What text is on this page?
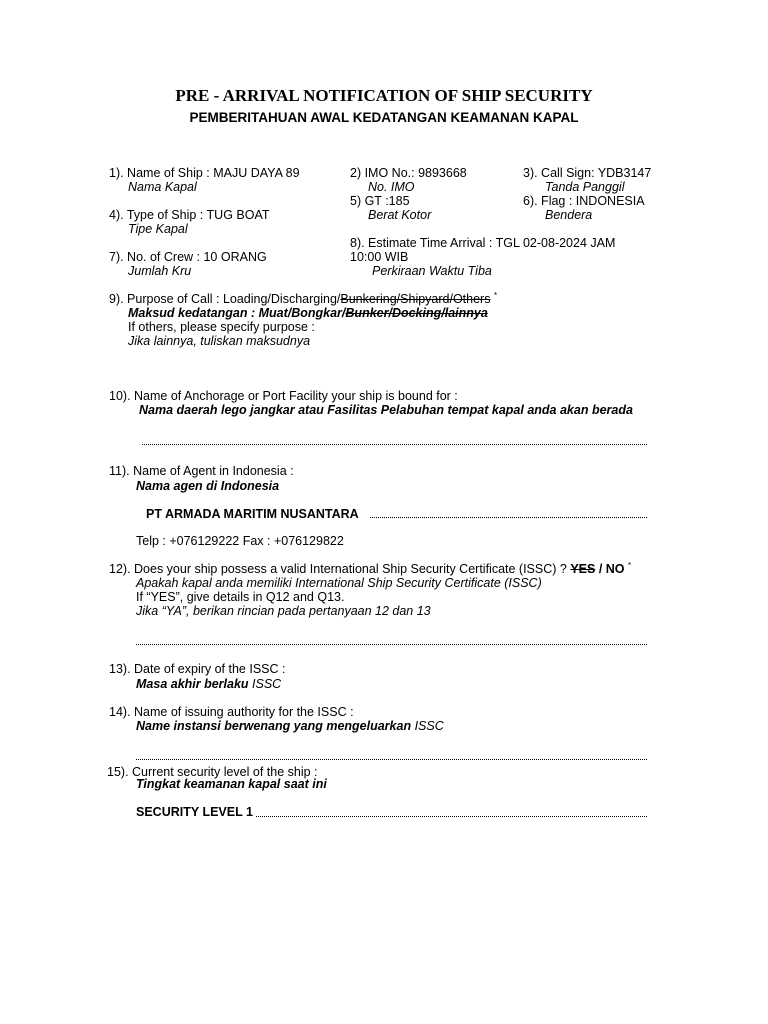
PRE - ARRIVAL NOTIFICATION OF SHIP SECURITY
PEMBERITAHUAN AWAL KEDATANGAN KEAMANAN KAPAL
1). Name of Ship : MAJU DAYA 89
Nama Kapal
2) IMO No.: 9893668
No. IMO
3). Call Sign: YDB3147
Tanda Panggil
5) GT :185
Berat Kotor
6). Flag : INDONESIA
Bendera
4). Type of Ship : TUG BOAT
Tipe Kapal
8). Estimate Time Arrival : TGL 02-08-2024 JAM
10:00 WIB
Perkiraan Waktu Tiba
7). No. of Crew : 10 ORANG
Jumlah Kru
9). Purpose of Call : Loading/Discharging/Bunkering/Shipyard/Others *
Maksud kedatangan : Muat/Bongkar/Bunker/Docking/lainnya
If others, please specify purpose :
Jika lainnya, tuliskan maksudnya
10). Name of Anchorage or Port Facility your ship is bound for :
Nama daerah lego jangkar atau Fasilitas Pelabuhan tempat kapal anda akan berada
11). Name of Agent in Indonesia :
Nama agen di Indonesia
PT ARMADA MARITIM NUSANTARA
Telp : +076129222 Fax : +076129822
12). Does your ship possess a valid International Ship Security Certificate (ISSC) ? YES / NO *
Apakah kapal anda memiliki International Ship Security Certificate (ISSC)
If “YES”, give details in Q12 and Q13.
Jika “YA”, berikan rincian pada pertanyaan 12 dan 13
13). Date of expiry of the ISSC :
Masa akhir berlaku ISSC
14). Name of issuing authority for the ISSC :
Name instansi berwenang yang mengeluarkan ISSC
15). Current security level of the ship :
Tingkat keamanan kapal saat ini
SECURITY LEVEL 1
